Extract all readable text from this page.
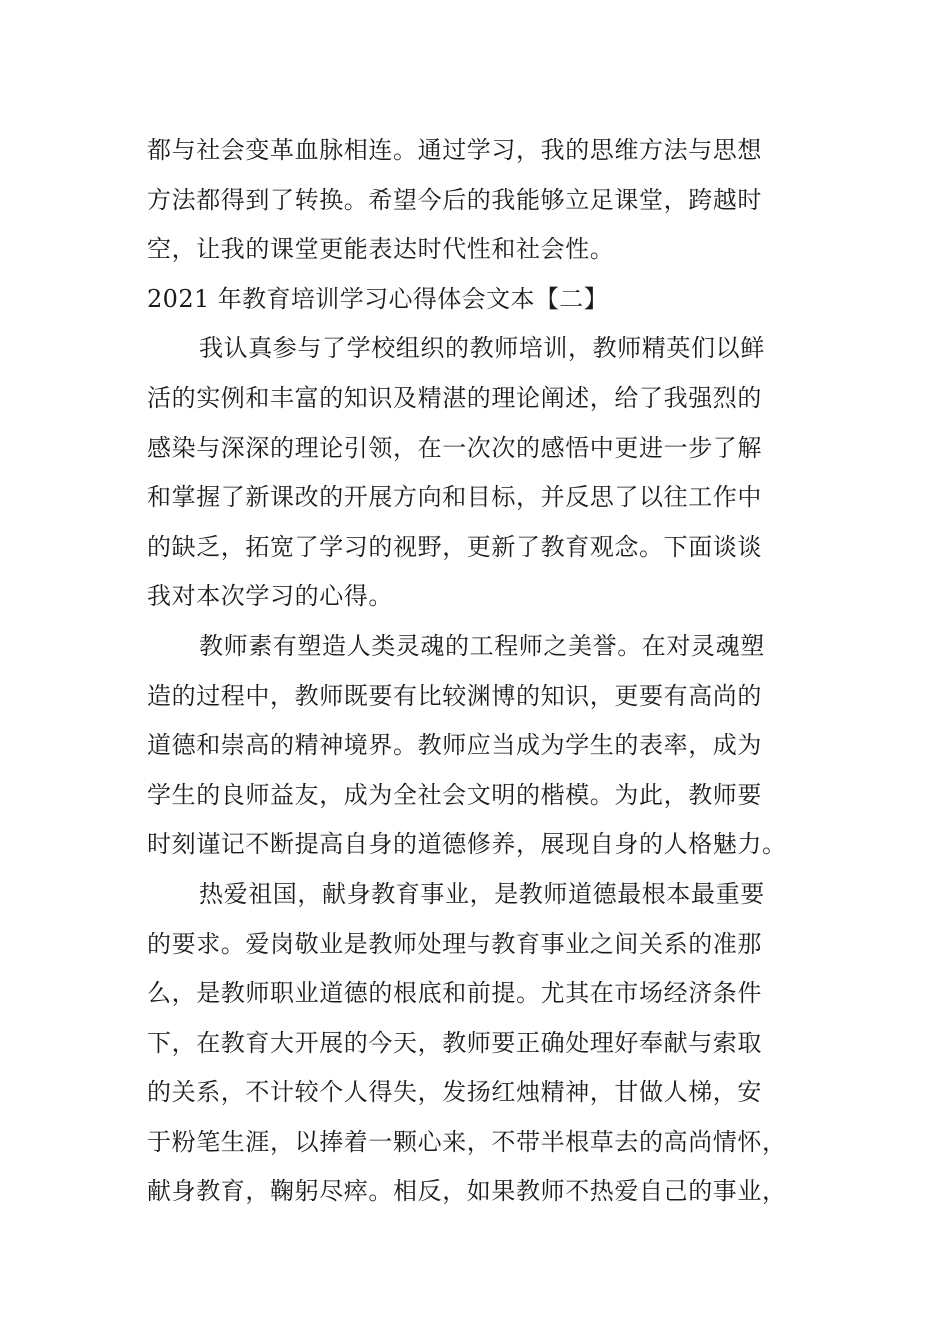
都与社会变革血脉相连。通过学习，我的思维方法与思想
方法都得到了转换。希望今后的我能够立足课堂，跨越时
空，让我的课堂更能表达时代性和社会性。
2021 年教育培训学习心得体会文本【二】
我认真参与了学校组织的教师培训，教师精英们以鲜
活的实例和丰富的知识及精湛的理论阐述，给了我强烈的
感染与深深的理论引领，在一次次的感悟中更进一步了解
和掌握了新课改的开展方向和目标，并反思了以往工作中
的缺乏，拓宽了学习的视野，更新了教育观念。下面谈谈
我对本次学习的心得。
教师素有塑造人类灵魂的工程师之美誉。在对灵魂塑
造的过程中，教师既要有比较渊博的知识，更要有高尚的
道德和崇高的精神境界。教师应当成为学生的表率，成为
学生的良师益友，成为全社会文明的楷模。为此，教师要
时刻谨记不断提高自身的道德修养，展现自身的人格魅力。
热爱祖国，献身教育事业，是教师道德最根本最重要
的要求。爱岗敬业是教师处理与教育事业之间关系的准那
么，是教师职业道德的根底和前提。尤其在市场经济条件
下，在教育大开展的今天，教师要正确处理好奉献与索取
的关系，不计较个人得失，发扬红烛精神，甘做人梯，安
于粉笔生涯，以捧着一颗心来，不带半根草去的高尚情怀，
献身教育，鞠躬尽瘁。相反，如果教师不热爱自己的事业，
